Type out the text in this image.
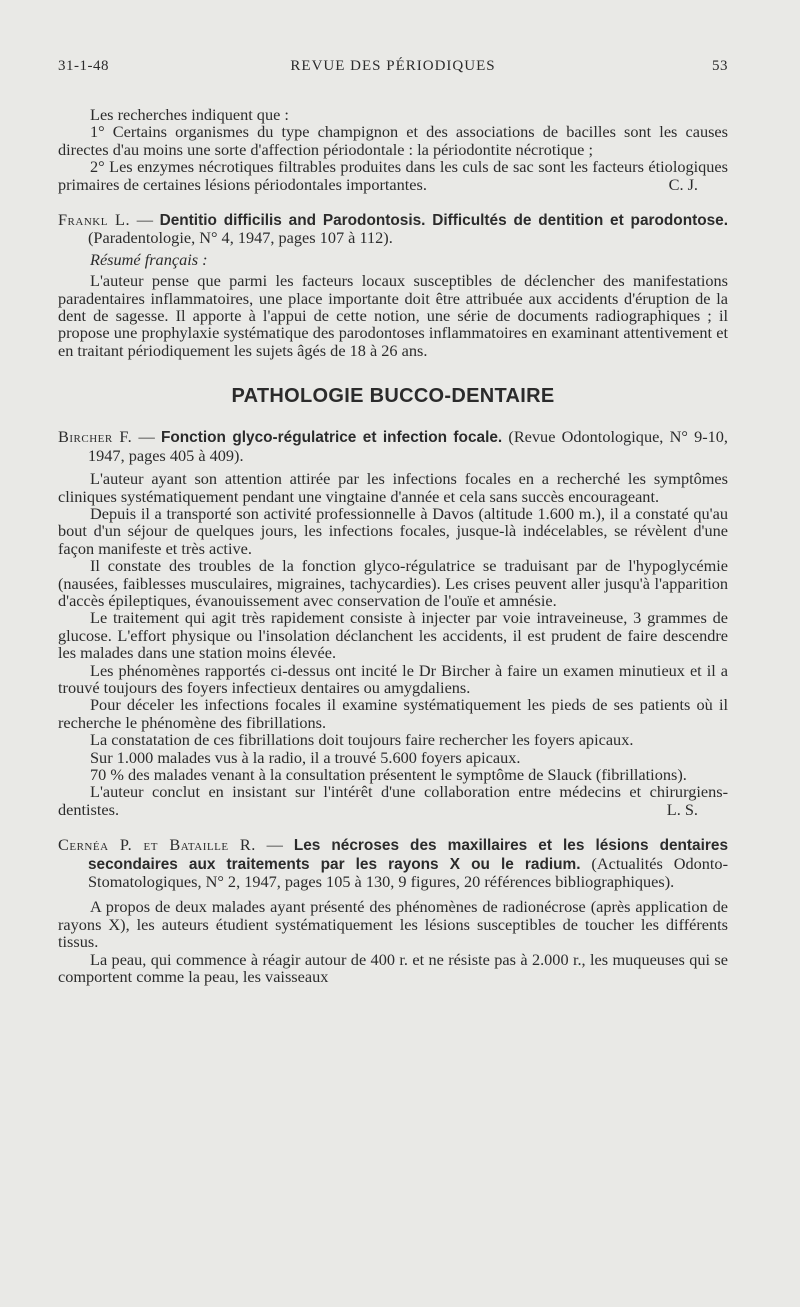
31-1-48	REVUE DES PÉRIODIQUES	53

Les recherches indiquent que :

1° Certains organismes du type champignon et des associations de bacilles sont les causes directes d'au moins une sorte d'affection périodontale : la périodontite nécrotique ;

2° Les enzymes nécrotiques filtrables produites dans les culs de sac sont les facteurs étiologiques primaires de certaines lésions périodontales importantes.	C. J.

Frankl L. — Dentitio difficilis and Parodontosis. Difficultés de dentition et parodontose. (Paradentologie, N° 4, 1947, pages 107 à 112).

Résumé français :

L'auteur pense que parmi les facteurs locaux susceptibles de déclencher des manifestations paradentaires inflammatoires, une place importante doit être attribuée aux accidents d'éruption de la dent de sagesse. Il apporte à l'appui de cette notion, une série de documents radiographiques ; il propose une prophylaxie systématique des parodontoses inflammatoires en examinant attentivement et en traitant périodiquement les sujets âgés de 18 à 26 ans.

PATHOLOGIE BUCCO-DENTAIRE

Bircher F. — Fonction glyco-régulatrice et infection focale. (Revue Odontologique, N° 9-10, 1947, pages 405 à 409).

L'auteur ayant son attention attirée par les infections focales en a recherché les symptômes cliniques systématiquement pendant une vingtaine d'année et cela sans succès encourageant.

Depuis il a transporté son activité professionnelle à Davos (altitude 1.600 m.), il a constaté qu'au bout d'un séjour de quelques jours, les infections focales, jusque-là indécelables, se révèlent d'une façon manifeste et très active.

Il constate des troubles de la fonction glyco-régulatrice se traduisant par de l'hypoglycémie (nausées, faiblesses musculaires, migraines, tachycardies). Les crises peuvent aller jusqu'à l'apparition d'accès épileptiques, évanouissement avec conservation de l'ouïe et amnésie.

Le traitement qui agit très rapidement consiste à injecter par voie intraveineuse, 3 grammes de glucose. L'effort physique ou l'insolation déclanchent les accidents, il est prudent de faire descendre les malades dans une station moins élevée.

Les phénomènes rapportés ci-dessus ont incité le Dr Bircher à faire un examen minutieux et il a trouvé toujours des foyers infectieux dentaires ou amygdaliens.

Pour déceler les infections focales il examine systématiquement les pieds de ses patients où il recherche le phénomène des fibrillations.

La constatation de ces fibrillations doit toujours faire rechercher les foyers apicaux.

Sur 1.000 malades vus à la radio, il a trouvé 5.600 foyers apicaux.

70 % des malades venant à la consultation présentent le symptôme de Slauck (fibrillations).

L'auteur conclut en insistant sur l'intérêt d'une collaboration entre médecins et chirurgiens-dentistes.	L. S.

Cernéa P. et Bataille R. — Les nécroses des maxillaires et les lésions dentaires secondaires aux traitements par les rayons X ou le radium. (Actualités Odonto-Stomatologiques, N° 2, 1947, pages 105 à 130, 9 figures, 20 références bibliographiques).

A propos de deux malades ayant présenté des phénomènes de radionécrose (après application de rayons X), les auteurs étudient systématiquement les lésions susceptibles de toucher les différents tissus.

La peau, qui commence à réagir autour de 400 r. et ne résiste pas à 2.000 r., les muqueuses qui se comportent comme la peau, les vaisseaux
